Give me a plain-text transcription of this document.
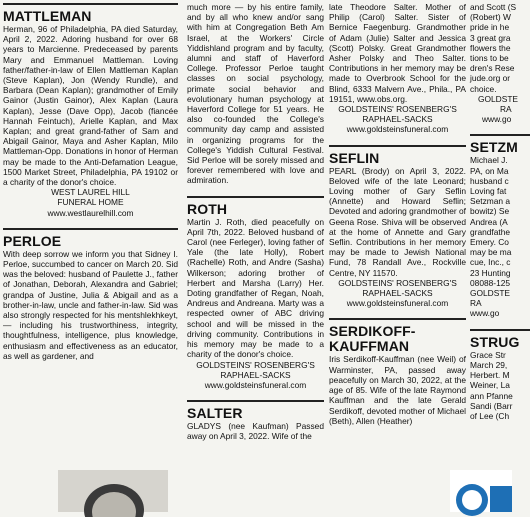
MATTLEMAN

Herman, 96 of Philadelphia, PA died Saturday, April 2, 2022. Adoring husband for over 68 years to Marcienne. Predeceased by parents Mary and Emmanuel Mattleman. Loving father/father-in-law of Ellen Mattleman Kaplan (Steve Kaplan), Jon (Wendy Rundle), and Barbara (Dean Kaplan); grandmother of Emily Gainor (Justin Gainor), Alex Kaplan (Laura Kaplan), Jesse (Dave Opp), Jacob (fiancée Hannah Feintuch), Arielle Kaplan, and Max Kaplan; and great grand-father of Sam and Abigail Gainor, Maya and Asher Kaplan, Milo Mattleman-Opp. Donations in honor of Herman may be made to the Anti-Defamation League, 1500 Market Street, Philadelphia, PA 19102 or a charity of the donor's choice.

WEST LAUREL HILL

FUNERAL HOME

www.westlaurelhill.com

PERLOE

With deep sorrow we inform you that Sidney I. Perloe, succumbed to cancer on March 20. Sid was the beloved: husband of Paulette J., father of Jonathan, Deborah, Alexandra and Gabriel; grandpa of Justine, Julia & Abigail and as a brother-in-law, uncle and father-in-law. Sid was also strongly respected for his mentshlekhkeyt, — including his trustworthiness, integrity, thoughtfulness, intelligence, plus knowledge, enthusiasm and effectiveness as an educator, as well as gardener, and

much more — by his entire family, and by all who knew and/or sang with him at Congregation Beth Am Israel, at the Workers' Circle Yiddishland program and by faculty, alumni and staff of Haverford College. Professor Perloe taught classes on social psychology, primate social behavior and evolutionary human psychology at Haverford College for 51 years. He also co-founded the College's community day camp and assisted in organizing programs for the College's Yiddish Cultural Festival. Sid Perloe will be sorely missed and forever remembered with love and admiration.

ROTH

Martin J. Roth, died peacefully on April 7th, 2022. Beloved husband of Carol (nee Ferleger), loving father of Yale (the late Holly), Robert (Rachelle) Roth, and Andre (Sasha) Wilkerson; adoring brother of Herbert and Marsha (Larry) Her. Doting grandfather of Regan, Noah, Andreus and Andreana. Marty was a respected owner of ABC driving school and will be missed in the driving community. Contributions in his memory may be made to a charity of the donor's choice.

GOLDSTEINS' ROSENBERG'S

RAPHAEL-SACKS

www.goldsteinsfuneral.com

SALTER

GLADYS (nee Kaufman) Passed away on April 3, 2022. Wife of the

late Theodore Salter. Mother of Philip (Carol) Salter. Sister of Bernice Faegenburg. Grandmother of Adam (Julie) Salter and Jessica (Scott) Polsky. Great Grandmother Asher Polsky and Theo Salter. Contributions in her memory may be made to Overbrook School for the Blind, 6333 Malvern Ave., Phila., PA 19151, www.obs.org.

GOLDSTEINS' ROSENBERG'S

RAPHAEL-SACKS

www.goldsteinsfuneral.com

SEFLIN

PEARL (Brody) on April 3, 2022. Beloved wife of the late Leonard; Loving mother of Gary Seflin (Annette) and Howard Seflin; Devoted and adoring grandmother of Geena Rose. Shiva will be observed at the home of Annette and Gary Seflin. Contributions in her memory may be made to Jewish National Fund, 78 Randall Ave., Rockville Centre, NY 11570.

GOLDSTEINS' ROSENBERG'S

RAPHAEL-SACKS

www.goldsteinsfuneral.com

SERDIKOFF-
KAUFFMAN

Iris Serdikoff-Kauffman (nee Weil) of Warminster, PA, passed away peacefully on March 30, 2022, at the age of 85. Wife of the late Raymond Kauffman and the late Gerald Serdikoff, devoted mother of Michael (Beth), Allen (Heather)

and Scott (S

(Robert) W

pride in he

3 great gra

flowers the

tions to be

dren's Rese

jude.org or

choice.

GOLDSTE

RA

www.go

SETZM

Michael J.

PA, on Ma

husband c

Loving fat

Setzman a

bowitz) Se

Andrea (A

grandfathe

Emery. Co

may be ma

cue, Inc., c

23 Hunting

08088-125

GOLDSTE

RA

www.go

STRUG

Grace Str

March 29,

Herbert. M

Weiner, La

ann Pfanne

Sandi (Barr

of Lee (Ch
